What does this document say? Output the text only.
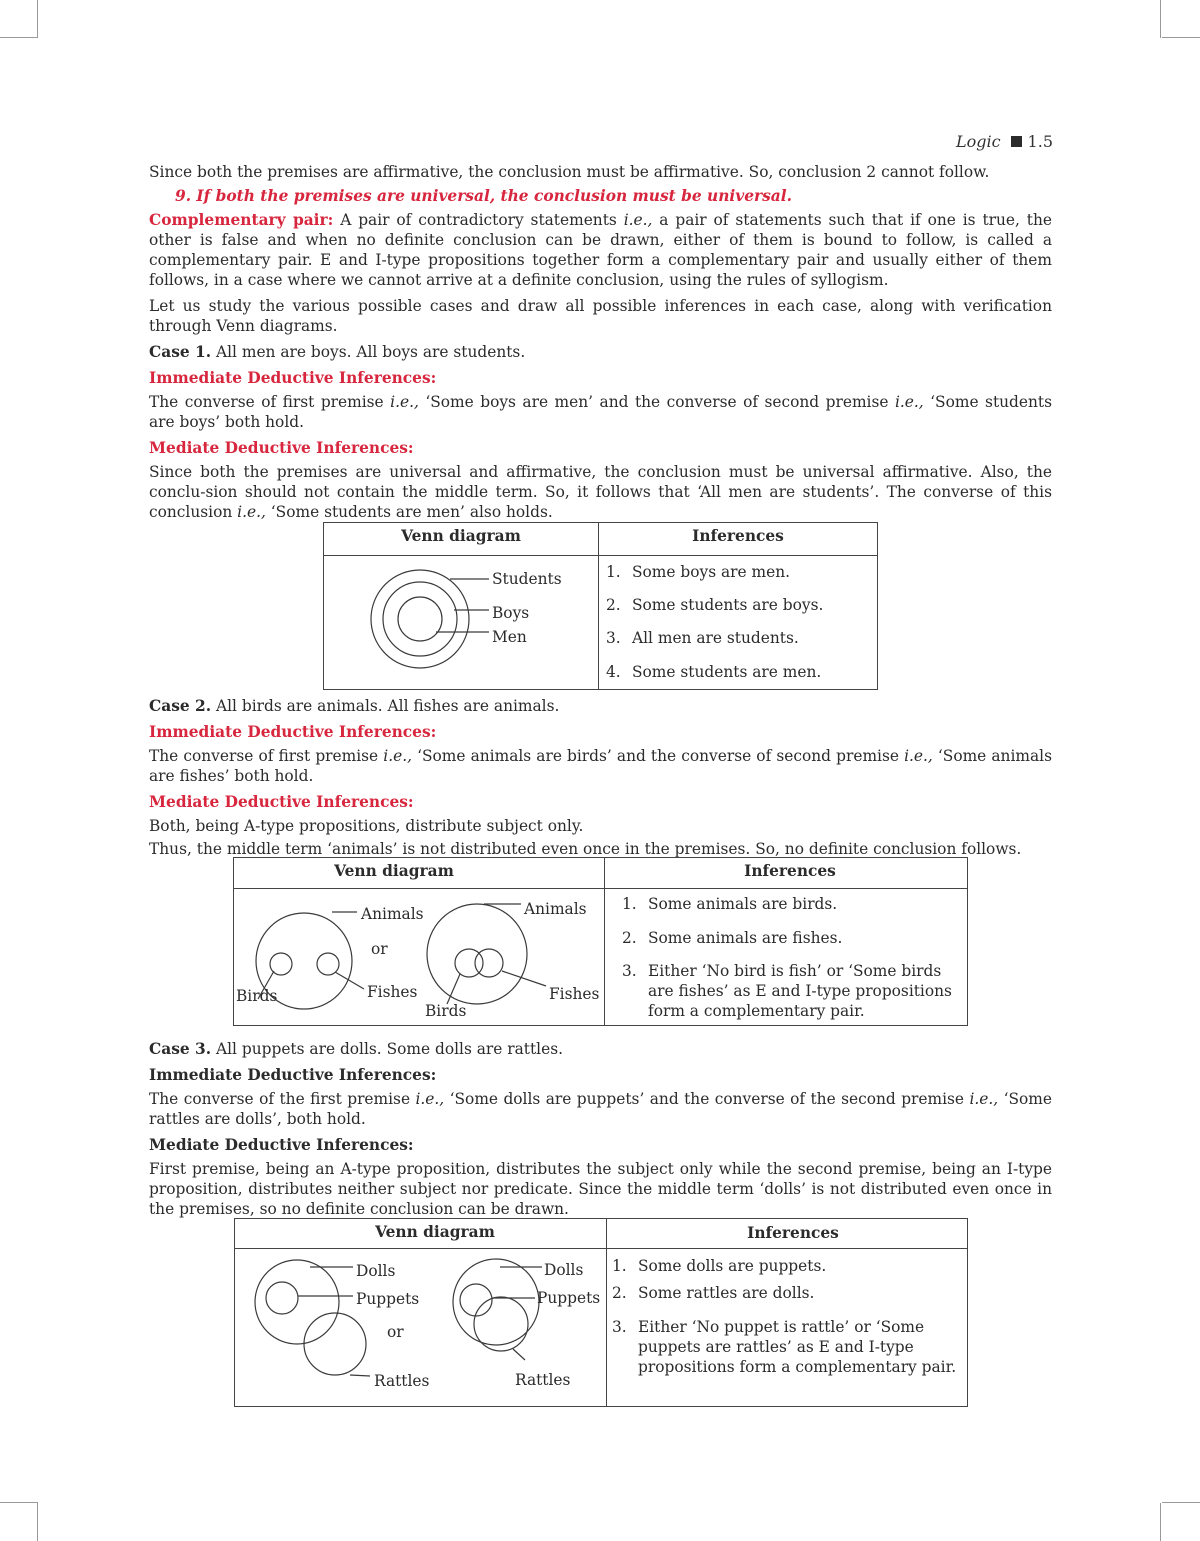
Logic 1.5

Since both the premises are affirmative, the conclusion must be affirmative. So, conclusion 2 cannot follow.

9. If both the premises are universal, the conclusion must be universal.

Complementary pair: A pair of contradictory statements i.e., a pair of statements such that if one is true, the other is false and when no definite conclusion can be drawn, either of them is bound to follow, is called a complementary pair. E and I-type propositions together form a complementary pair and usually either of them follows, in a case where we cannot arrive at a definite conclusion, using the rules of syllogism.

Let us study the various possible cases and draw all possible inferences in each case, along with verification through Venn diagrams.

Case 1. All men are boys. All boys are students.

Immediate Deductive Inferences:

The converse of first premise i.e., ‘Some boys are men’ and the converse of second premise i.e., ‘Some students are boys’ both hold.

Mediate Deductive Inferences:

Since both the premises are universal and affirmative, the conclusion must be universal affirmative. Also, the conclu-sion should not contain the middle term. So, it follows that ‘All men are students’. The converse of this conclusion i.e., ‘Some students are men’ also holds.

Venn diagram	Inferences
Students
Boys
Men
1. Some boys are men.
2. Some students are boys.
3. All men are students.
4. Some students are men.

Case 2. All birds are animals. All fishes are animals.

Immediate Deductive Inferences:

The converse of first premise i.e., ‘Some animals are birds’ and the converse of second premise i.e., ‘Some animals are fishes’ both hold.

Mediate Deductive Inferences:

Both, being A-type propositions, distribute subject only.

Thus, the middle term ‘animals’ is not distributed even once in the premises. So, no definite conclusion follows.

Venn diagram	Inferences
Animals
or
Birds	Fishes
Animals
Birds
Fishes
1. Some animals are birds.
2. Some animals are fishes.
3. Either ‘No bird is fish’ or ‘Some birds are fishes’ as E and I-type propositions form a complementary pair.

Case 3. All puppets are dolls. Some dolls are rattles.

Immediate Deductive Inferences:

The converse of the first premise i.e., ‘Some dolls are puppets’ and the converse of the second premise i.e., ‘Some rattles are dolls’, both hold.

Mediate Deductive Inferences:

First premise, being an A-type proposition, distributes the subject only while the second premise, being an I-type proposition, distributes neither subject nor predicate. Since the middle term ‘dolls’ is not distributed even once in the premises, so no definite conclusion can be drawn.

Venn diagram	Inferences
Dolls
Puppets
or
Rattles
Dolls
Puppets
Rattles
1. Some dolls are puppets.
2. Some rattles are dolls.
3. Either ‘No puppet is rattle’ or ‘Some puppets are rattles’ as E and I-type propositions form a complementary pair.
